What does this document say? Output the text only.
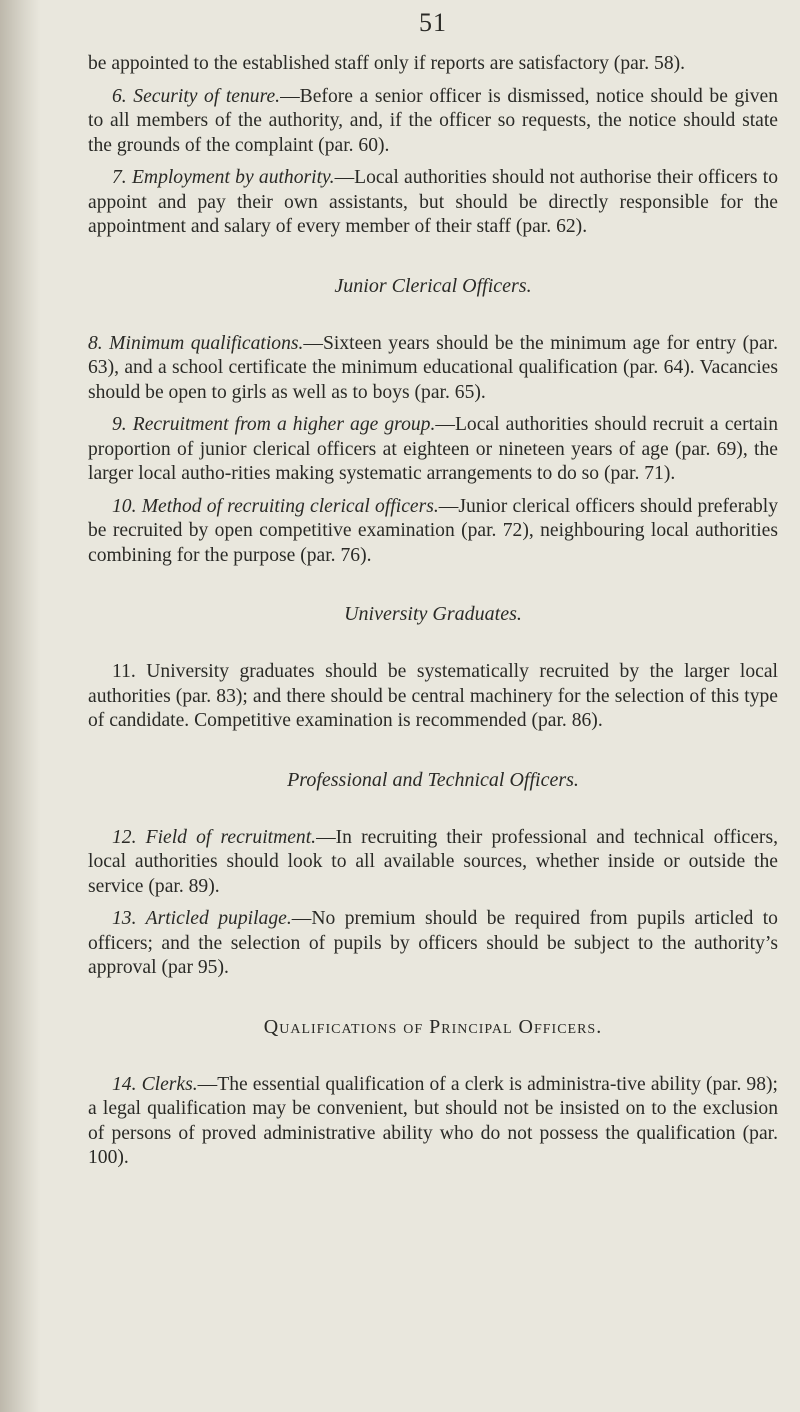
51

be appointed to the established staff only if reports are satisfactory (par. 58).

6. Security of tenure.—Before a senior officer is dismissed, notice should be given to all members of the authority, and, if the officer so requests, the notice should state the grounds of the complaint (par. 60).

7. Employment by authority.—Local authorities should not authorise their officers to appoint and pay their own assistants, but should be directly responsible for the appointment and salary of every member of their staff (par. 62).

Junior Clerical Officers.

8. Minimum qualifications.—Sixteen years should be the minimum age for entry (par. 63), and a school certificate the minimum educational qualification (par. 64). Vacancies should be open to girls as well as to boys (par. 65).

9. Recruitment from a higher age group.—Local authorities should recruit a certain proportion of junior clerical officers at eighteen or nineteen years of age (par. 69), the larger local autho-rities making systematic arrangements to do so (par. 71).

10. Method of recruiting clerical officers.—Junior clerical officers should preferably be recruited by open competitive examination (par. 72), neighbouring local authorities combining for the purpose (par. 76).

University Graduates.

11. University graduates should be systematically recruited by the larger local authorities (par. 83); and there should be central machinery for the selection of this type of candidate. Competitive examination is recommended (par. 86).

Professional and Technical Officers.

12. Field of recruitment.—In recruiting their professional and technical officers, local authorities should look to all available sources, whether inside or outside the service (par. 89).

13. Articled pupilage.—No premium should be required from pupils articled to officers; and the selection of pupils by officers should be subject to the authority’s approval (par 95).

Qualifications of Principal Officers.

14. Clerks.—The essential qualification of a clerk is administra-tive ability (par. 98); a legal qualification may be convenient, but should not be insisted on to the exclusion of persons of proved administrative ability who do not possess the qualification (par. 100).
